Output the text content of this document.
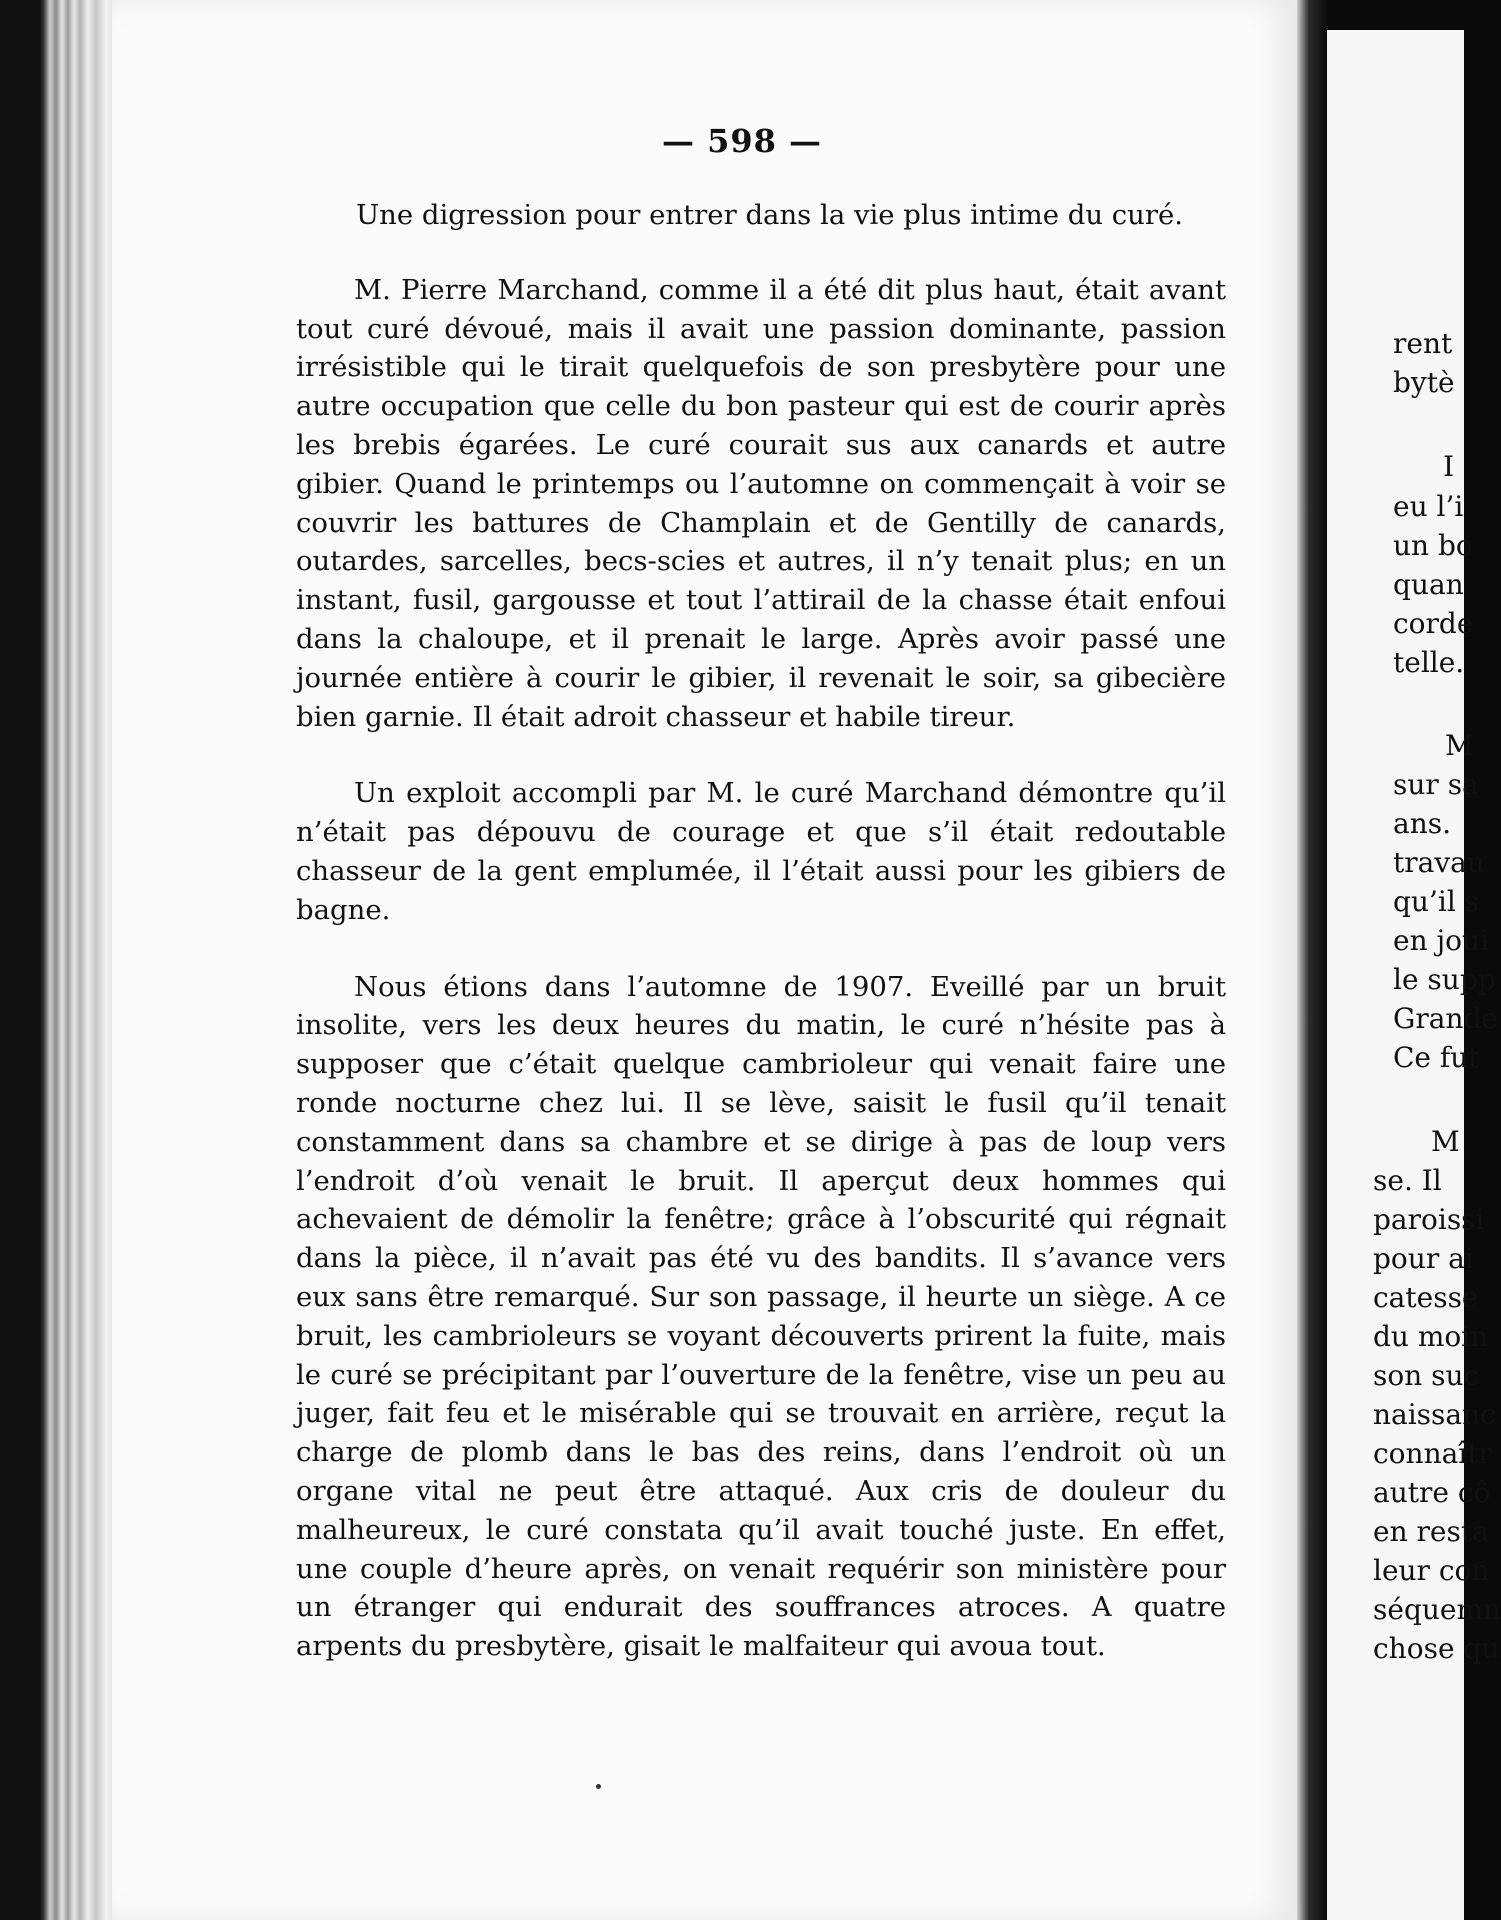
— 598 —

Une digression pour entrer dans la vie plus intime du curé.

M. Pierre Marchand, comme il a été dit plus haut, était avant tout curé dévoué, mais il avait une passion dominante, passion irrésistible qui le tirait quelquefois de son presbytère pour une autre occupation que celle du bon pasteur qui est de courir après les brebis égarées. Le curé courait sus aux canards et autre gibier. Quand le printemps ou l’automne on commençait à voir se couvrir les battures de Champlain et de Gentilly de canards, outardes, sarcelles, becs-scies et autres, il n’y tenait plus; en un instant, fusil, gargousse et tout l’attirail de la chasse était enfoui dans la chaloupe, et il prenait le large. Après avoir passé une journée entière à courir le gibier, il revenait le soir, sa gibecière bien garnie. Il était adroit chasseur et habile tireur.

Un exploit accompli par M. le curé Marchand démontre qu’il n’était pas dépouvu de courage et que s’il était redoutable chasseur de la gent emplumée, il l’était aussi pour les gibiers de bagne.

Nous étions dans l’automne de 1907. Eveillé par un bruit insolite, vers les deux heures du matin, le curé n’hésite pas à supposer que c’était quelque cambrioleur qui venait faire une ronde nocturne chez lui. Il se lève, saisit le fusil qu’il tenait constamment dans sa chambre et se dirige à pas de loup vers l’endroit d’où venait le bruit. Il aperçut deux hommes qui achevaient de démolir la fenêtre; grâce à l’obscurité qui régnait dans la pièce, il n’avait pas été vu des bandits. Il s’avance vers eux sans être remarqué. Sur son passage, il heurte un siège. A ce bruit, les cambrioleurs se voyant découverts prirent la fuite, mais le curé se précipitant par l’ouverture de la fenêtre, vise un peu au juger, fait feu et le misérable qui se trouvait en arrière, reçut la charge de plomb dans le bas des reins, dans l’endroit où un organe vital ne peut être attaqué. Aux cris de douleur du malheureux, le curé constata qu’il avait touché juste. En effet, une couple d’heure après, on venait requérir son ministère pour un étranger qui endurait des souffrances atroces. A quatre arpents du presbytère, gisait le malfaiteur qui avoua tout.

rent
bytè
I
eu l’i
un bo
quan
corde
telle.
M
sur sa
ans.
travau
qu’il s
en joui
le supp
Grande
Ce fut
M
se. Il
paroissi
pour ai
catesse
du moin
son suc
naissanc
connaîtr
autre cô
en resta
leur con
séquemn
chose qu
